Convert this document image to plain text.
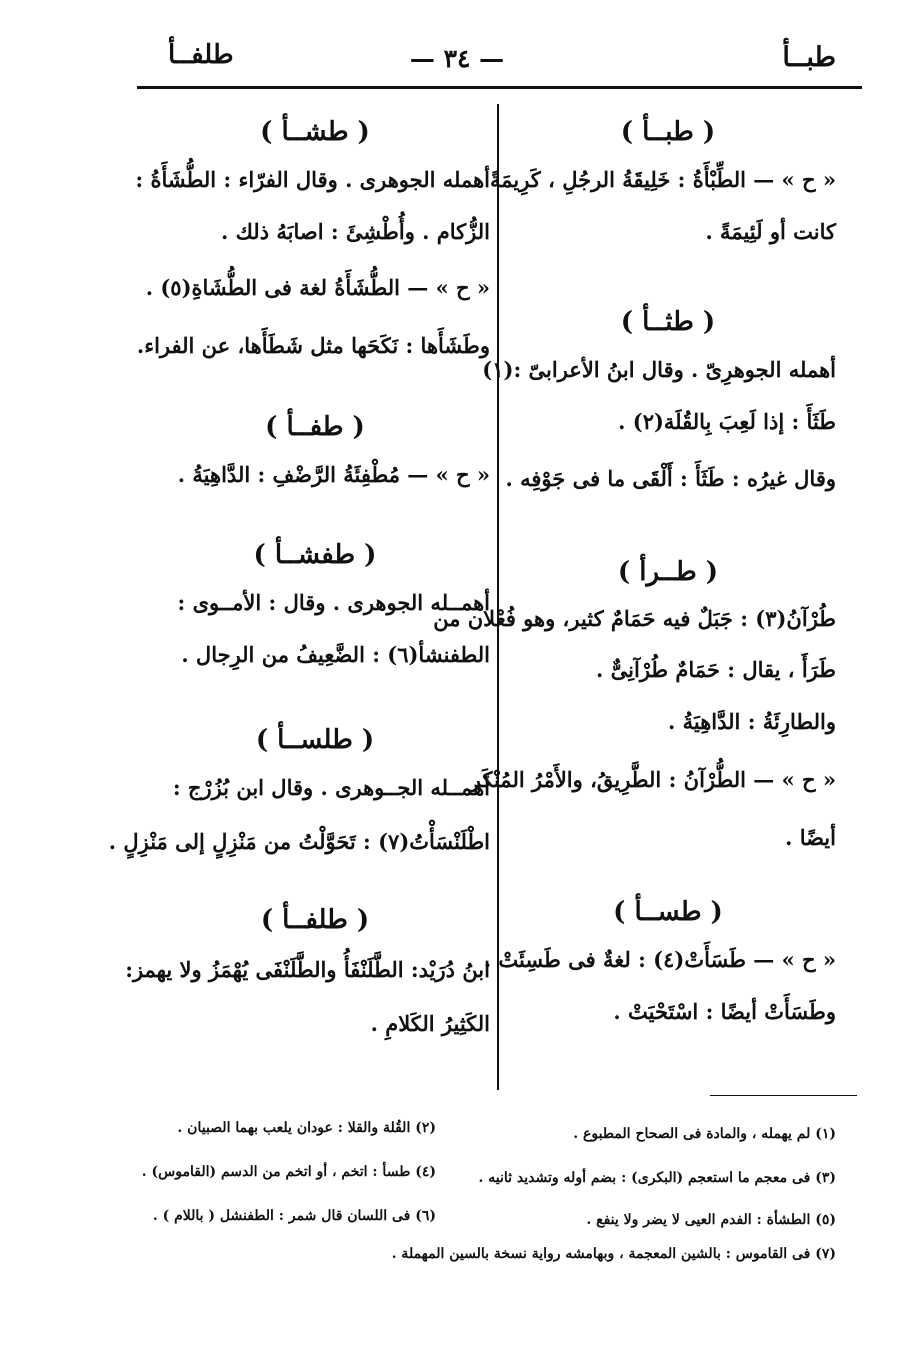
طبــأ
— ٣٤ —
طلفــأ
( طبــأ )

« ح » — الطِّبْأَةُ : خَلِيقَةُ الرجُلِ ، كَرِيمَةً

كانت أو لَئِيمَةً .

( طثــأ )

أهمله الجوهرِىّ . وقال ابنُ الأعرابىّ :(١)

طَثَأَ : إذا لَعِبَ بِالقُلَة(٢) .

وقال غيرُه : طَثَأَ : أَلْقَى ما فى جَوْفِه .

( طــرأ )

طُرْآنُ(٣) : جَبَلٌ فيه حَمَامٌ كثير، وهو فُعْلان من

طَرَأَ ، يقال : حَمَامٌ طُرْآنِىٌّ .

والطارِئَةُ : الدَّاهِيَةُ .

« ح » — الطُّرْآنُ : الطَّرِيقُ، والأَمْرُ المُنْكَر

أيضًا .

( طســأ )

« ح » — طَسَأَتْ(٤) : لغةٌ فى طَسِئَتْ .

وطَسَأَتْ أيضًا : اسْتَحْيَتْ .

( طشــأ )

أهمله الجوهرى . وقال الفرّاء : الطُّشَأَةُ :

الزُّكام . وأُطْشِئَ : اصابَهُ ذلك .

« ح » — الطُّشَأَةُ لغة فى الطُّشَاةِ(٥) .

وطَشَأَها : نَكَحَها مثل شَطَأَها، عن الفراء.

( طفــأ )

« ح » — مُطْفِئَةُ الرَّضْفِ : الدَّاهِيَةُ .

( طفشــأ )

أهمــله الجوهرى . وقال : الأمــوى :

الطفنشأ(٦) : الضَّعِيفُ من الرِجال .

( طلســأ )

أهمــله الجــوهرى . وقال ابن بُزُرْج :

اطْلَنْسَأْتُ(٧) : تَحَوَّلْتُ من مَنْزِلٍ إلى مَنْزِلٍ .

( طلفــأ )

ابنُ دُرَيْد: الطَّلَنْفَأُ والطَّلَنْفَى يُهْمَزُ ولا يهمز:

الكَثِيرُ الكَلامِ .

(١) لم يهمله ، والمادة فى الصحاح المطبوع .
(٢) القُلة والقلا : عودان يلعب بهما الصبيان .
(٣) فى معجم ما استعجم (البكرى) : بضم أوله وتشديد ثانيه .
(٤) طسأ : اتخم ، أو اتخم من الدسم (القاموس) .
(٥) الطشأة : الفدم العيى لا يضر ولا ينفع .
(٦) فى اللسان قال شمر : الطفنشل ( باللام ) .
(٧) فى القاموس : بالشين المعجمة ، وبهامشه رواية نسخة بالسين المهملة .
